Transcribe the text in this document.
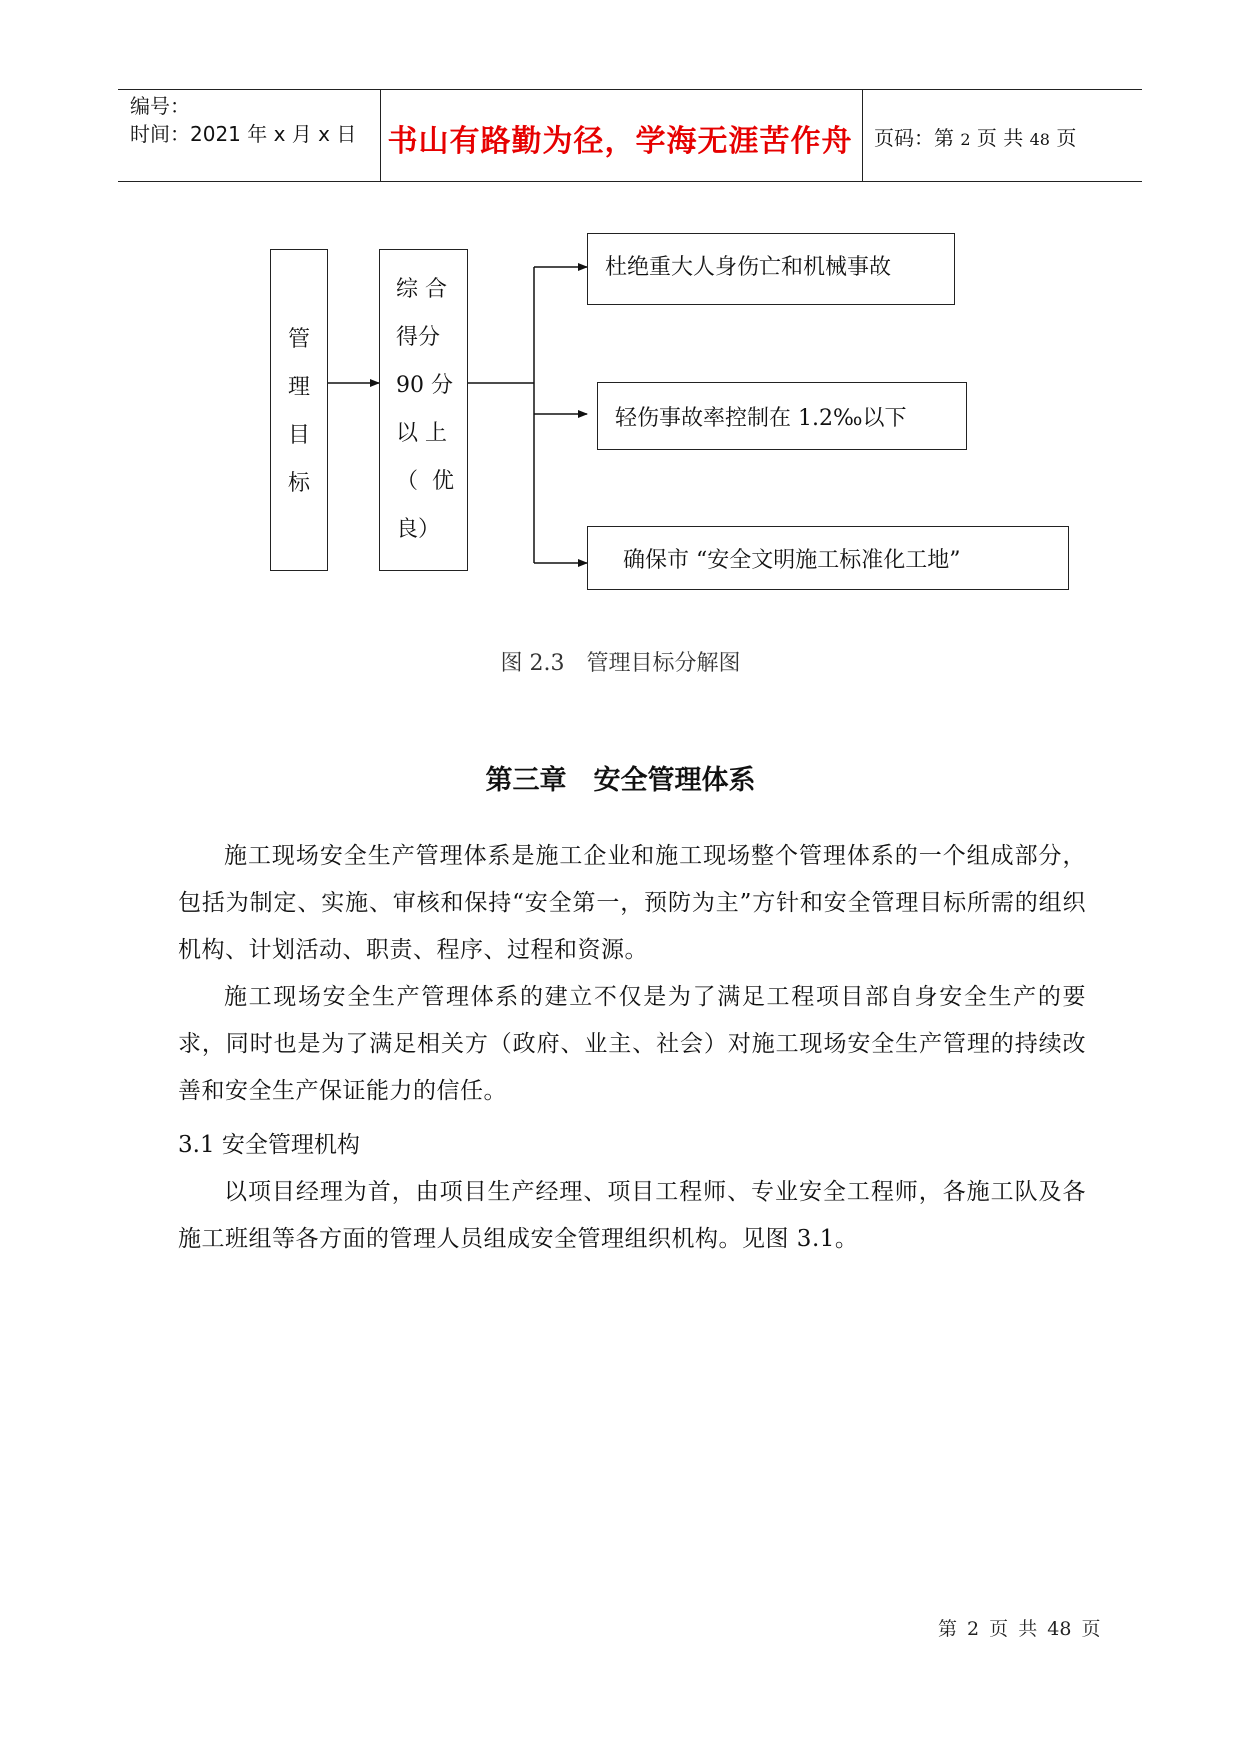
编号：
时间：2021 年 x 月 x 日 书山有路勤为径，学海无涯苦作舟	页码：第 2 页 共 48 页
管
理
目
标
综 合
得分
90 分
以 上
（  优
良）
杜绝重大人身伤亡和机械事故
轻伤事故率控制在 1.2‰以下
确保市 “安全文明施工标准化工地”
图 2.3　管理目标分解图
第三章　安全管理体系
施工现场安全生产管理体系是施工企业和施工现场整个管理体系的一个组成部分，包括为制定、实施、审核和保持“安全第一，预防为主”方针和安全管理目标所需的组织机构、计划活动、职责、程序、过程和资源。
施工现场安全生产管理体系的建立不仅是为了满足工程项目部自身安全生产的要求，同时也是为了满足相关方（政府、业主、社会）对施工现场安全生产管理的持续改善和安全生产保证能力的信任。
3.1 安全管理机构
以项目经理为首，由项目生产经理、项目工程师、专业安全工程师，各施工队及各施工班组等各方面的管理人员组成安全管理组织机构。见图 3.1。
第 2 页 共 48 页
